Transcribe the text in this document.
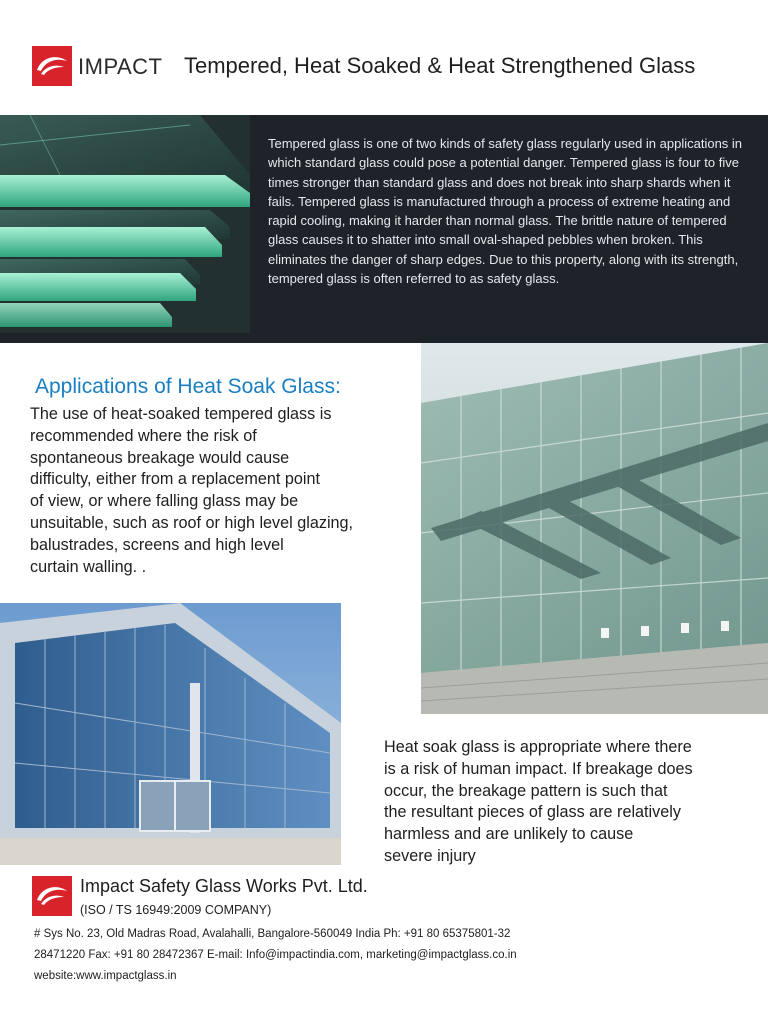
IMPACT Tempered, Heat Soaked & Heat Strengthened Glass
Tempered glass is one of two kinds of safety glass regularly used in applications in which standard glass could pose a potential danger. Tempered glass is four to five times stronger than standard glass and does not break into sharp shards when it fails. Tempered glass is manufactured through a process of extreme heating and rapid cooling, making it harder than normal glass. The brittle nature of tempered glass causes it to shatter into small oval-shaped pebbles when broken. This eliminates the danger of sharp edges. Due to this property, along with its strength, tempered glass is often referred to as safety glass.
Applications of Heat Soak Glass:
The use of heat-soaked tempered glass is
recommended where the risk of
spontaneous breakage would cause
difficulty, either from a replacement point
of view, or where falling glass may be
unsuitable, such as roof or high level glazing,
balustrades, screens and high level
curtain walling. .
Heat soak glass is appropriate where there
is a risk of human impact. If breakage does
occur, the breakage pattern is such that
the resultant pieces of glass are relatively
harmless and are unlikely to cause
severe injury
Impact Safety Glass Works Pvt. Ltd.
(ISO / TS 16949:2009 COMPANY)
# Sys No. 23, Old Madras Road, Avalahalli, Bangalore-560049 India Ph: +91 80 65375801-32
28471220 Fax: +91 80 28472367 E-mail: Info@impactindia.com, marketing@impactglass.co.in
website:www.impactglass.in
